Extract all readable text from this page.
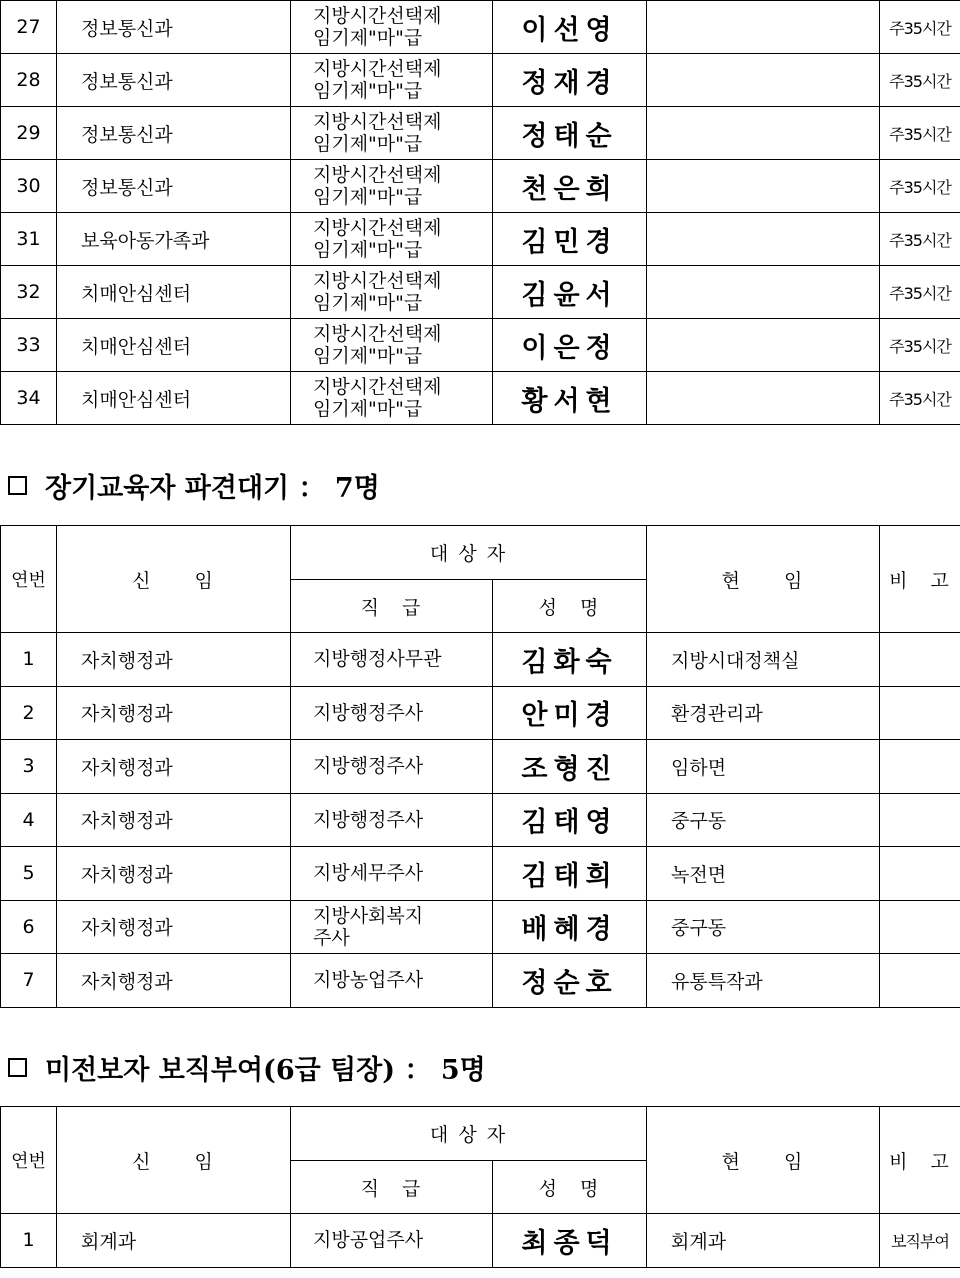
27	정보통신과	지방시간선택제
임기제"마"급	이선영		주35시간
28	정보통신과	지방시간선택제
임기제"마"급	정재경		주35시간
29	정보통신과	지방시간선택제
임기제"마"급	정태순		주35시간
30	정보통신과	지방시간선택제
임기제"마"급	천은희		주35시간
31	보육아동가족과	지방시간선택제
임기제"마"급	김민경		주35시간
32	치매안심센터	지방시간선택제
임기제"마"급	김윤서		주35시간
33	치매안심센터	지방시간선택제
임기제"마"급	이은정		주35시간
34	치매안심센터	지방시간선택제
임기제"마"급	황서현		주35시간
장기교육자 파견대기 ： 7명
연번	신　　임	대 상 자		현　　임	비　고
		직　급	성　명		
1	자치행정과	지방행정사무관	김화숙	지방시대정책실	

2	자치행정과	지방행정주사	안미경	환경관리과	

3	자치행정과	지방행정주사	조형진	임하면	

4	자치행정과	지방행정주사	김태영	중구동	

5	자치행정과	지방세무주사	김태희	녹전면	

6	자치행정과	지방사회복지
주사	배혜경	중구동	

7	자치행정과	지방농업주사	정순호	유통특작과	

미전보자 보직부여(6급 팀장) ： 5명
연번	신　　임	대 상 자		현　　임	비　고
		직　급	성　명		
1	회계과	지방공업주사	최종덕	회계과	보직부여
